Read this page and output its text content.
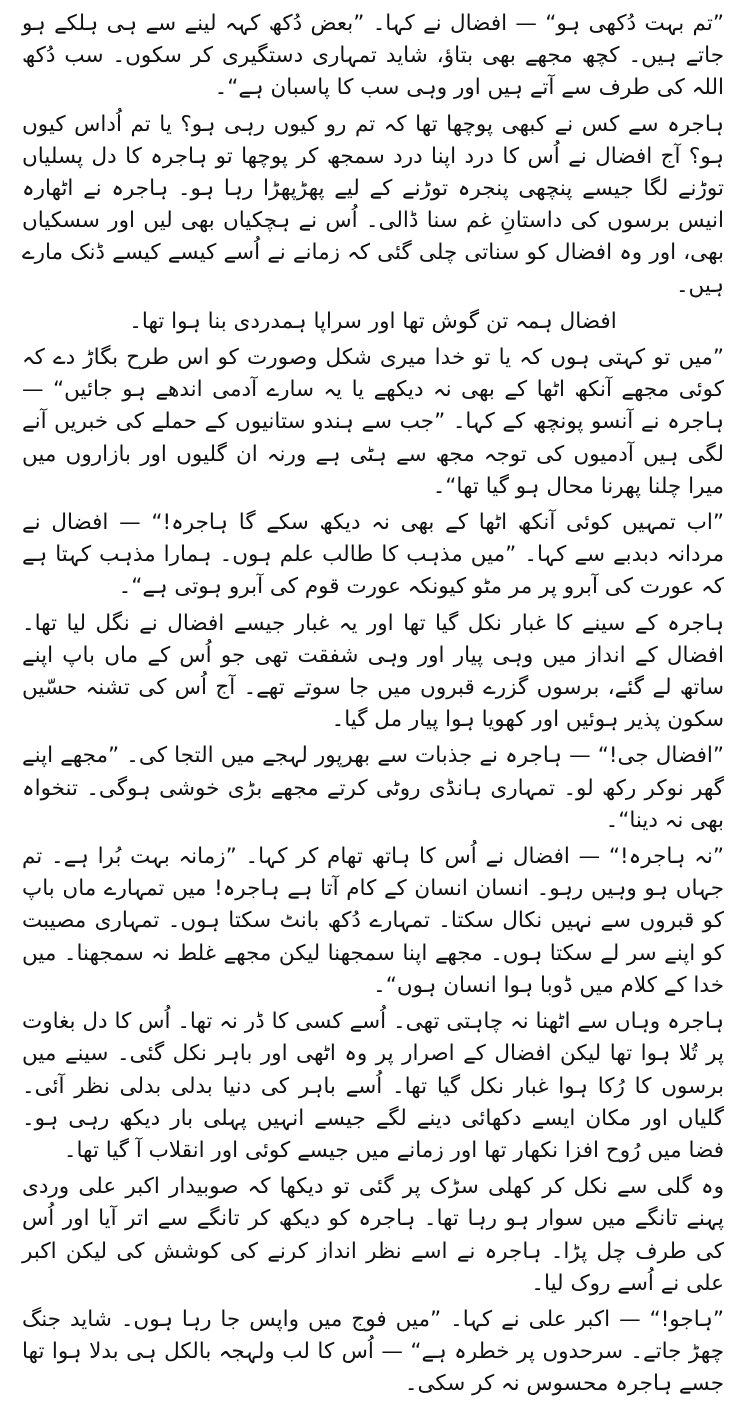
”تم بہت دُکھی ہو“ — افضال نے کہا۔ ”بعض دُکھ کہہ لینے سے ہی ہلکے ہو جاتے ہیں۔ کچھ مجھے بھی بتاؤ، شاید تمہاری دستگیری کر سکوں۔ سب دُکھ اللہ کی طرف سے آتے ہیں اور وہی سب کا پاسبان ہے“۔

ہاجرہ سے کس نے کبھی پوچھا تھا کہ تم رو کیوں رہی ہو؟ یا تم اُداس کیوں ہو؟ آج افضال نے اُس کا درد اپنا درد سمجھ کر پوچھا تو ہاجرہ کا دل پسلیاں توڑنے لگا جیسے پنچھی پنجرہ توڑنے کے لیے پھڑپھڑا رہا ہو۔ ہاجرہ نے اٹھارہ انیس برسوں کی داستانِ غم سنا ڈالی۔ اُس نے ہچکیاں بھی لیں اور سسکیاں بھی، اور وہ افضال کو سناتی چلی گئی کہ زمانے نے اُسے کیسے کیسے ڈنک مارے ہیں۔

افضال ہمہ تن گوش تھا اور سراپا ہمدردی بنا ہوا تھا۔

”میں تو کہتی ہوں کہ یا تو خدا میری شکل وصورت کو اس طرح بگاڑ دے کہ کوئی مجھے آنکھ اٹھا کے بھی نہ دیکھے یا یہ سارے آدمی اندھے ہو جائیں“ — ہاجرہ نے آنسو پونچھ کے کہا۔ ”جب سے ہندو ستانیوں کے حملے کی خبریں آنے لگی ہیں آدمیوں کی توجہ مجھ سے ہٹی ہے ورنہ ان گلیوں اور بازاروں میں میرا چلنا پھرنا محال ہو گیا تھا“۔

”اب تمہیں کوئی آنکھ اٹھا کے بھی نہ دیکھ سکے گا ہاجرہ!“ — افضال نے مردانہ دبدبے سے کہا۔ ”میں مذہب کا طالب علم ہوں۔ ہمارا مذہب کہتا ہے کہ عورت کی آبرو پر مر مٹو کیونکہ عورت قوم کی آبرو ہوتی ہے“۔

ہاجرہ کے سینے کا غبار نکل گیا تھا اور یہ غبار جیسے افضال نے نگل لیا تھا۔ افضال کے انداز میں وہی پیار اور وہی شفقت تھی جو اُس کے ماں باپ اپنے ساتھ لے گئے، برسوں گزرے قبروں میں جا سوتے تھے۔ آج اُس کی تشنہ حسّیں سکون پذیر ہوئیں اور کھویا ہوا پیار مل گیا۔

”افضال جی!“ — ہاجرہ نے جذبات سے بھرپور لہجے میں التجا کی۔ ”مجھے اپنے گھر نوکر رکھ لو۔ تمہاری ہانڈی روٹی کرتے مجھے بڑی خوشی ہوگی۔ تنخواہ بھی نہ دینا“۔

”نہ ہاجرہ!“ — افضال نے اُس کا ہاتھ تھام کر کہا۔ ”زمانہ بہت بُرا ہے۔ تم جہاں ہو وہیں رہو۔ انسان انسان کے کام آتا ہے ہاجرہ! میں تمہارے ماں باپ کو قبروں سے نہیں نکال سکتا۔ تمہارے دُکھ بانٹ سکتا ہوں۔ تمہاری مصیبت کو اپنے سر لے سکتا ہوں۔ مجھے اپنا سمجھنا لیکن مجھے غلط نہ سمجھنا۔ میں خدا کے کلام میں ڈوبا ہوا انسان ہوں“۔

ہاجرہ وہاں سے اٹھنا نہ چاہتی تھی۔ اُسے کسی کا ڈر نہ تھا۔ اُس کا دل بغاوت پر تُلا ہوا تھا لیکن افضال کے اصرار پر وہ اٹھی اور باہر نکل گئی۔ سینے میں برسوں کا رُکا ہوا غبار نکل گیا تھا۔ اُسے باہر کی دنیا بدلی بدلی نظر آئی۔ گلیاں اور مکان ایسے دکھائی دینے لگے جیسے انہیں پہلی بار دیکھ رہی ہو۔ فضا میں رُوح افزا نکھار تھا اور زمانے میں جیسے کوئی اور انقلاب آ گیا تھا۔

وہ گلی سے نکل کر کھلی سڑک پر گئی تو دیکھا کہ صوبیدار اکبر علی وردی پہنے تانگے میں سوار ہو رہا تھا۔ ہاجرہ کو دیکھ کر تانگے سے اتر آیا اور اُس کی طرف چل پڑا۔ ہاجرہ نے اسے نظر انداز کرنے کی کوشش کی لیکن اکبر علی نے اُسے روک لیا۔

”ہاجو!“ — اکبر علی نے کہا۔ ”میں فوج میں واپس جا رہا ہوں۔ شاید جنگ چھڑ جاتے۔ سرحدوں پر خطرہ ہے“ — اُس کا لب ولہجہ بالکل ہی بدلا ہوا تھا جسے ہاجرہ محسوس نہ کر سکی۔
